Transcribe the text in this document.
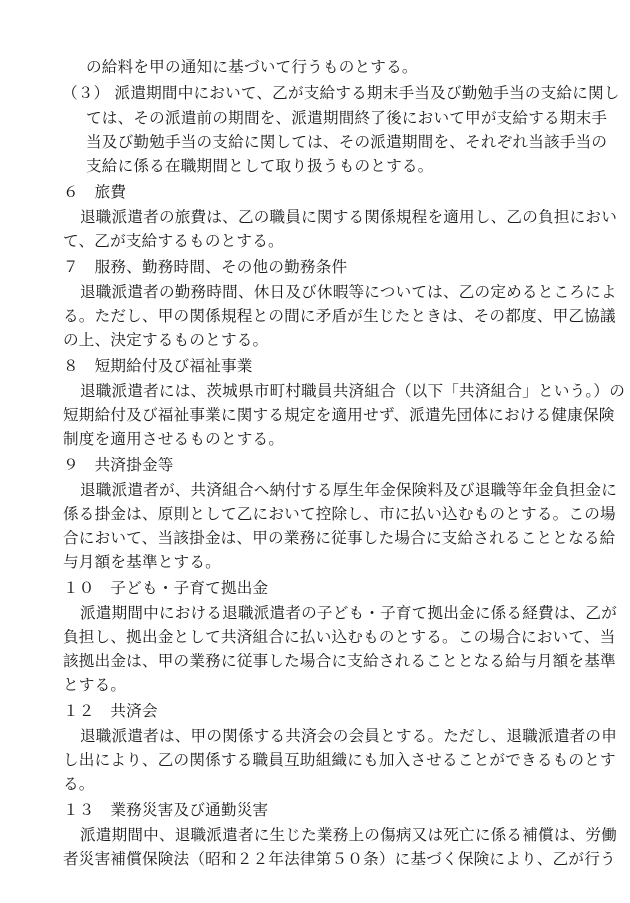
の給料を甲の通知に基づいて行うものとする。
（３） 派遣期間中において、乙が支給する期末手当及び勤勉手当の支給に関し
ては、その派遣前の期間を、派遣期間終了後において甲が支給する期末手
当及び勤勉手当の支給に関しては、その派遣期間を、それぞれ当該手当の
支給に係る在職期間として取り扱うものとする。
６　旅費
退職派遣者の旅費は、乙の職員に関する関係規程を適用し、乙の負担におい
て、乙が支給するものとする。
７　服務、勤務時間、その他の勤務条件
退職派遣者の勤務時間、休日及び休暇等については、乙の定めるところによ
る。ただし、甲の関係規程との間に矛盾が生じたときは、その都度、甲乙協議
の上、決定するものとする。
８　短期給付及び福祉事業
退職派遣者には、茨城県市町村職員共済組合（以下「共済組合」という。）の
短期給付及び福祉事業に関する規定を適用せず、派遣先団体における健康保険
制度を適用させるものとする。
９　共済掛金等
退職派遣者が、共済組合へ納付する厚生年金保険料及び退職等年金負担金に
係る掛金は、原則として乙において控除し、市に払い込むものとする。この場
合において、当該掛金は、甲の業務に従事した場合に支給されることとなる給
与月額を基準とする。
１０　子ども・子育て拠出金
派遣期間中における退職派遣者の子ども・子育て拠出金に係る経費は、乙が
負担し、拠出金として共済組合に払い込むものとする。この場合において、当
該拠出金は、甲の業務に従事した場合に支給されることとなる給与月額を基準
とする。
１２　共済会
退職派遣者は、甲の関係する共済会の会員とする。ただし、退職派遣者の申
し出により、乙の関係する職員互助組織にも加入させることができるものとす
る。
１３　業務災害及び通勤災害
派遣期間中、退職派遣者に生じた業務上の傷病又は死亡に係る補償は、労働
者災害補償保険法（昭和２２年法律第５０条）に基づく保険により、乙が行う
